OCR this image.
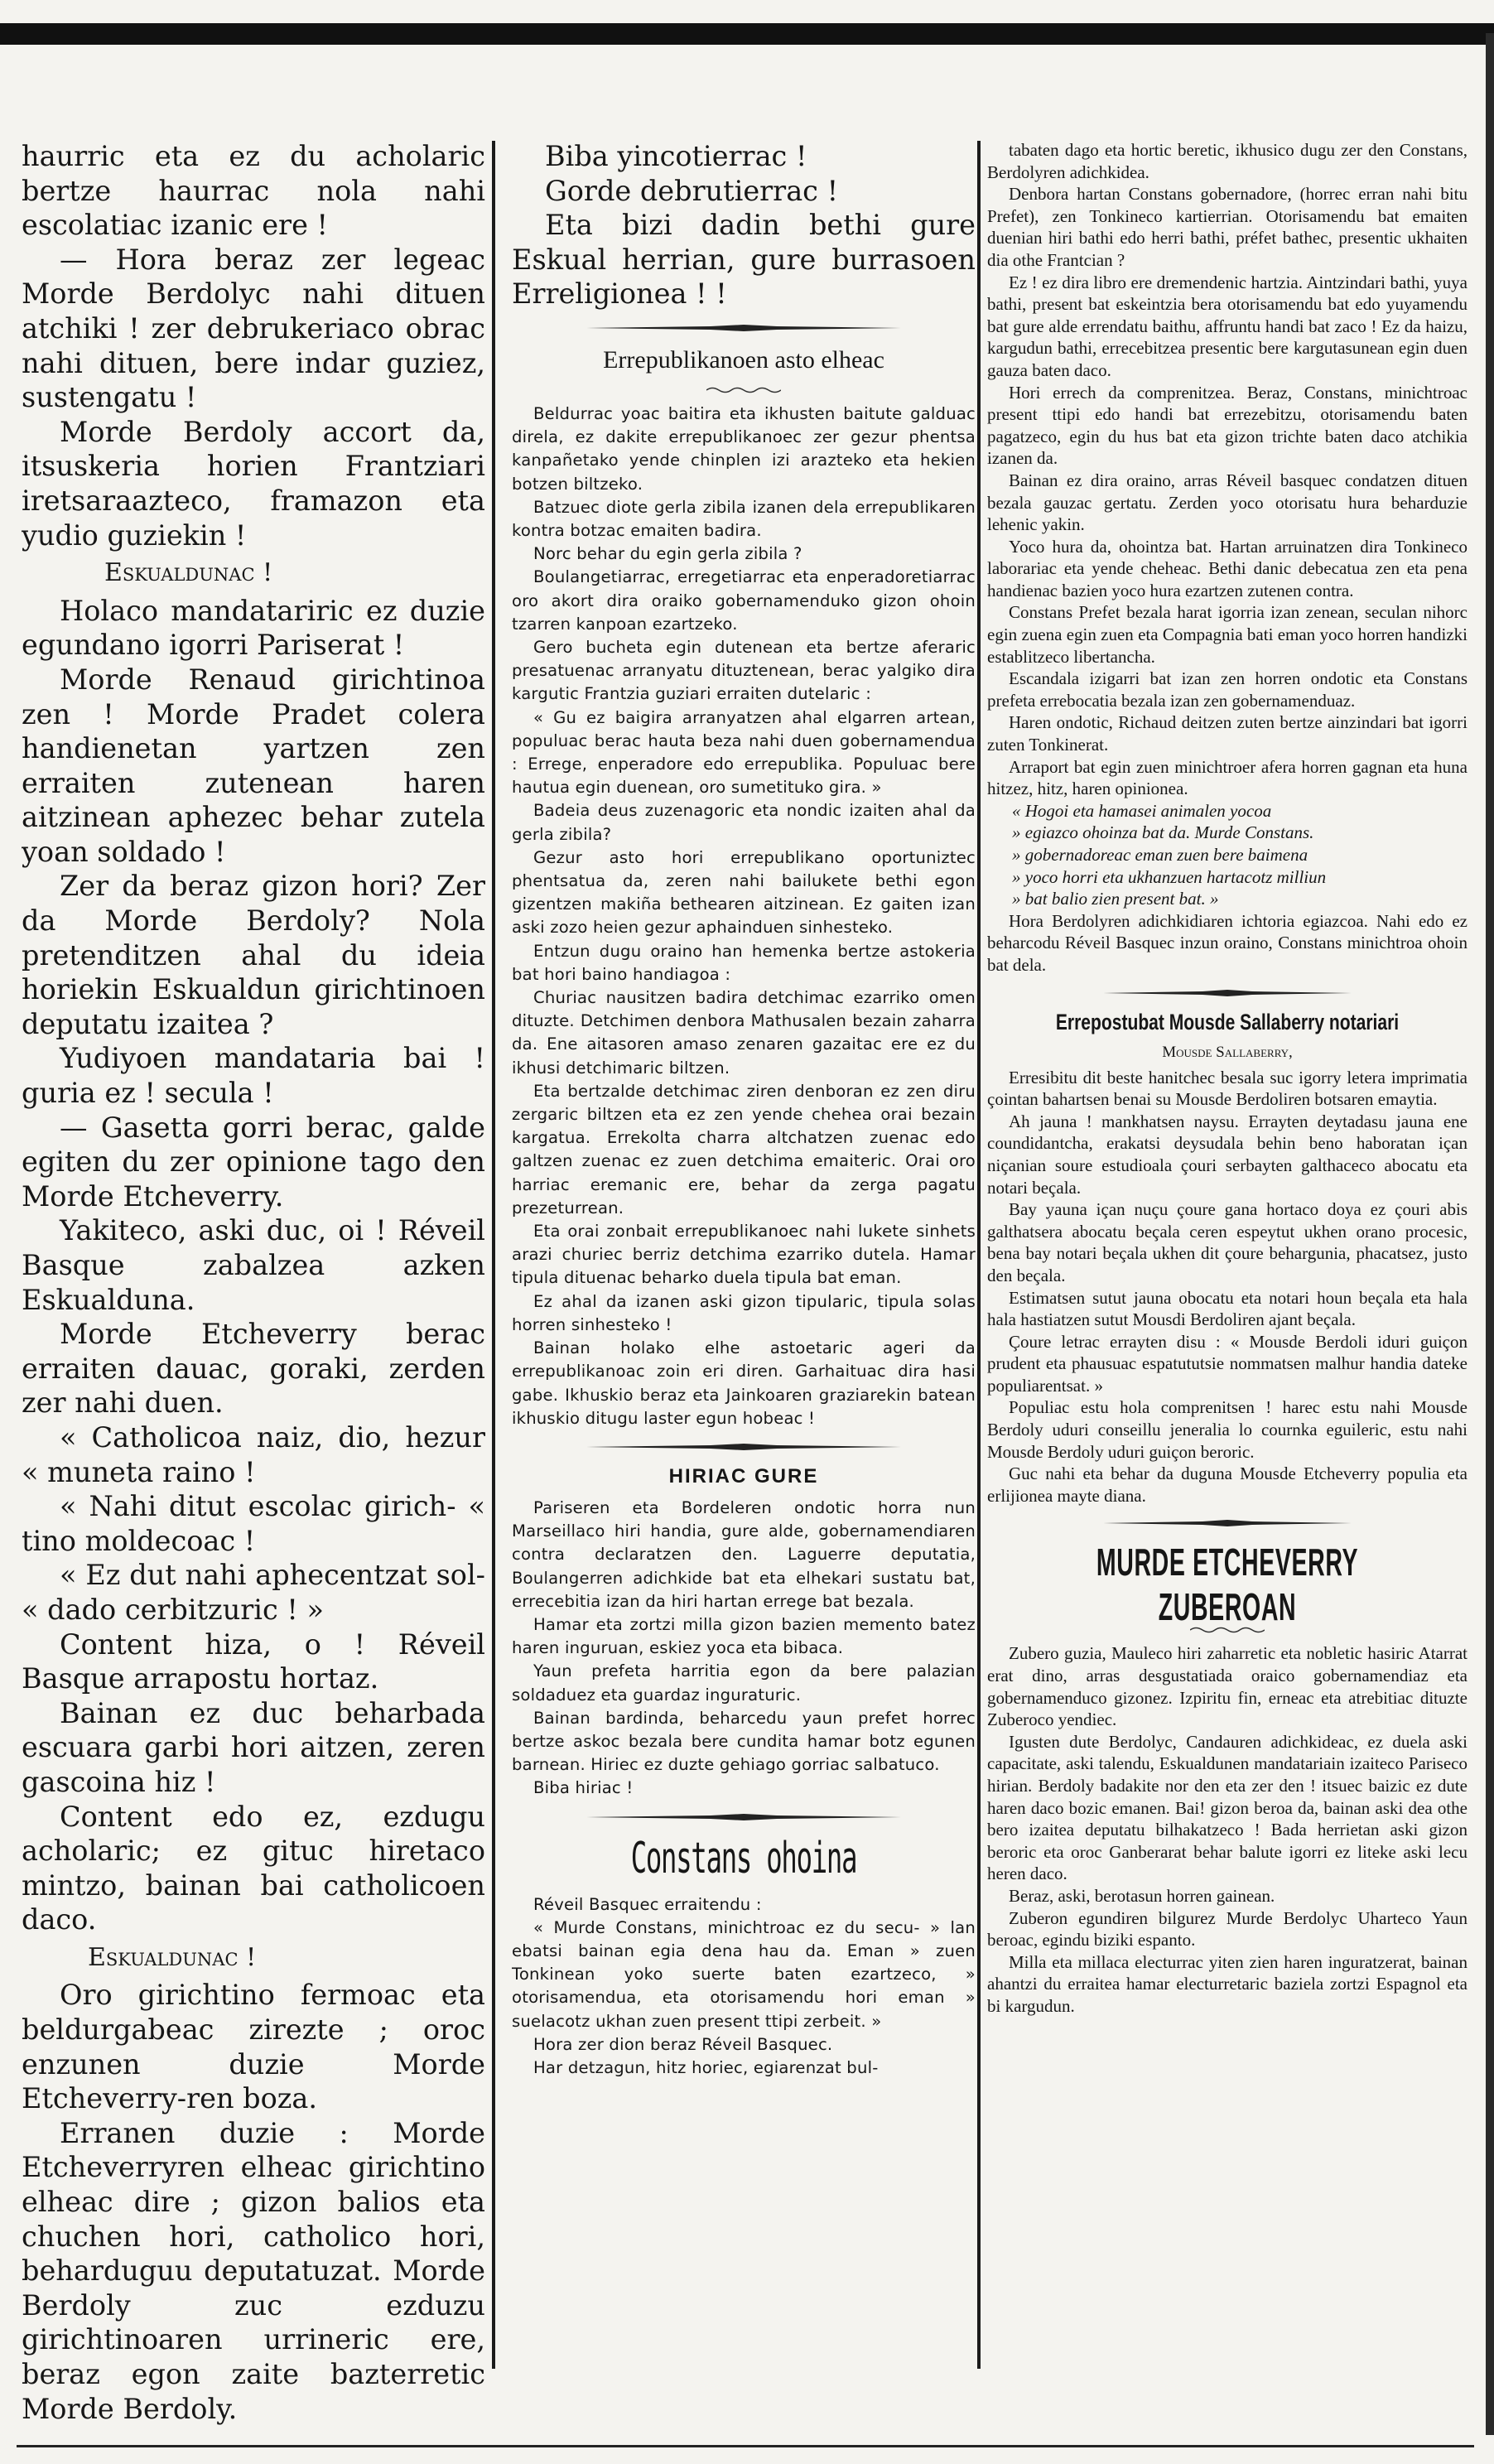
haurric eta ez du acholaric bertze haurrac nola nahi escolatiac izanic ere !

— Hora beraz zer legeac Morde Berdolyc nahi dituen atchiki ! zer debrukeriaco obrac nahi dituen, bere indar guziez, sustengatu !

Morde Berdoly accort da, itsuskeria horien Frantziari iretsaraazteco, framazon eta yudio guziekin !

Eskualdunac !

Holaco mandatariric ez duzie egundano igorri Pariserat !

Morde Renaud girichtinoa zen ! Morde Pradet colera handienetan yartzen zen erraiten zutenean haren aitzinean aphezec behar zutela yoan soldado !

Zer da beraz gizon hori? Zer da Morde Berdoly? Nola pretenditzen ahal du ideia horiekin Eskualdun girichtinoen deputatu izaitea ?

Yudiyoen mandataria bai ! guria ez ! secula !

— Gasetta gorri berac, galde egiten du zer opinione tago den Morde Etcheverry.

Yakiteco, aski duc, oi ! Réveil Basque zabalzea azken Eskualduna.

Morde Etcheverry berac erraiten dauac, goraki, zerden zer nahi duen.

« Catholicoa naiz, dio, hezur « muneta raino !

« Nahi ditut escolac girich- « tino moldecoac !

« Ez dut nahi aphecentzat sol- « dado cerbitzuric ! »

Content hiza, o ! Réveil Basque arrapostu hortaz.

Bainan ez duc beharbada escuara garbi hori aitzen, zeren gascoina hiz !

Content edo ez, ezdugu acholaric; ez gituc hiretaco mintzo, bainan bai catholicoen daco.

Eskualdunac !

Oro girichtino fermoac eta beldurgabeac zirezte ; oroc enzunen duzie Morde Etcheverry-ren boza.

Erranen duzie : Morde Etcheverryren elheac girichtino elheac dire ; gizon balios eta chuchen hori, catholico hori, beharduguu deputatuzat. Morde Berdoly zuc ezduzu girichtinoaren urrineric ere, beraz egon zaite bazterretic Morde Berdoly.

Biba yincotierrac !
Gorde debrutierrac !
Eta bizi dadin bethi gure Eskual herrian, gure burrasoen Erreligionea ! !
Errepublikanoen asto elheac

Beldurrac yoac baitira eta ikhusten baitute galduac direla, ez dakite errepublikanoec zer gezur phentsa kanpañetako yende chinplen izi arazteko eta hekien botzen biltzeko.

Batzuec diote gerla zibila izanen dela errepublikaren kontra botzac emaiten badira.

Norc behar du egin gerla zibila ?

Boulangetiarrac, erregetiarrac eta enperadoretiarrac oro akort dira oraiko gobernamenduko gizon ohoin tzarren kanpoan ezartzeko.

Gero bucheta egin dutenean eta bertze aferaric presatuenac arranyatu dituztenean, berac yalgiko dira kargutic Frantzia guziari erraiten dutelaric :

« Gu ez baigira arranyatzen ahal elgarren artean, populuac berac hauta beza nahi duen gobernamendua : Errege, enperadore edo errepublika. Populuac bere hautua egin duenean, oro sumetituko gira. »

Badeia deus zuzenagoric eta nondic izaiten ahal da gerla zibila?

Gezur asto hori errepublikano oportuniztec phentsatua da, zeren nahi bailukete bethi egon gizentzen makiña bethearen aitzinean. Ez gaiten izan aski zozo heien gezur aphainduen sinhesteko.

Entzun dugu oraino han hemenka bertze astokeria bat hori baino handiagoa :

Churiac nausitzen badira detchimac ezarriko omen dituzte. Detchimen denbora Mathusalen bezain zaharra da. Ene aitasoren amaso zenaren gazaitac ere ez du ikhusi detchimaric biltzen.

Eta bertzalde detchimac ziren denboran ez zen diru zergaric biltzen eta ez zen yende chehea orai bezain kargatua. Errekolta charra altchatzen zuenac edo galtzen zuenac ez zuen detchima emaiteric. Orai oro harriac eremanic ere, behar da zerga pagatu prezeturrean.

Eta orai zonbait errepublikanoec nahi lukete sinhets arazi churiec berriz detchima ezarriko dutela. Hamar tipula dituenac beharko duela tipula bat eman.

Ez ahal da izanen aski gizon tipularic, tipula solas horren sinhesteko !

Bainan holako elhe astoetaric ageri da errepublikanoac zoin eri diren. Garhaituac dira hasi gabe. Ikhuskio beraz eta Jainkoaren graziarekin batean ikhuskio ditugu laster egun hobeac !

HIRIAC GURE

Pariseren eta Bordeleren ondotic horra nun Marseillaco hiri handia, gure alde, gobernamendiaren contra declaratzen den. Laguerre deputatia, Boulangerren adichkide bat eta elhekari sustatu bat, errecebitia izan da hiri hartan errege bat bezala.

Hamar eta zortzi milla gizon bazien memento batez haren inguruan, eskiez yoca eta bibaca.

Yaun prefeta harritia egon da bere palazian soldaduez eta guardaz inguraturic.

Bainan bardinda, beharcedu yaun prefet horrec bertze askoc bezala bere cundita hamar botz egunen barnean. Hiriec ez duzte gehiago gorriac salbatuco.

Biba hiriac !

Constans ohoina

Réveil Basquec erraitendu :

« Murde Constans, minichtroac ez du secu- » lan ebatsi bainan egia dena hau da. Eman » zuen Tonkinean yoko suerte baten ezartzeco, » otorisamendua, eta otorisamendu hori eman » suelacotz ukhan zuen present ttipi zerbeit. »

Hora zer dion beraz Réveil Basquec.

Har detzagun, hitz horiec, egiarenzat bul-

tabaten dago eta hortic beretic, ikhusico dugu zer den Constans, Berdolyren adichkidea.

Denbora hartan Constans gobernadore, (horrec erran nahi bitu Prefet), zen Tonkineco kartierrian. Otorisamendu bat emaiten duenian hiri bathi edo herri bathi, préfet bathec, presentic ukhaiten dia othe Frantcian ?

Ez ! ez dira libro ere dremendenic hartzia. Aintzindari bathi, yuya bathi, present bat eskeintzia bera otorisamendu bat edo yuyamendu bat gure alde errendatu baithu, affruntu handi bat zaco ! Ez da haizu, kargudun bathi, errecebitzea presentic bere kargutasunean egin duen gauza baten daco.

Hori errech da comprenitzea. Beraz, Constans, minichtroac present ttipi edo handi bat errezebitzu, otorisamendu baten pagatzeco, egin du hus bat eta gizon trichte baten daco atchikia izanen da.

Bainan ez dira oraino, arras Réveil basquec condatzen dituen bezala gauzac gertatu. Zerden yoco otorisatu hura beharduzie lehenic yakin.

Yoco hura da, ohointza bat. Hartan arruinatzen dira Tonkineco laborariac eta yende cheheac. Bethi danic debecatua zen eta pena handienac bazien yoco hura ezartzen zutenen contra.

Constans Prefet bezala harat igorria izan zenean, seculan nihorc egin zuena egin zuen eta Compagnia bati eman yoco horren handizki establitzeco libertancha.

Escandala izigarri bat izan zen horren ondotic eta Constans prefeta errebocatia bezala izan zen gobernamenduaz.

Haren ondotic, Richaud deitzen zuten bertze ainzindari bat igorri zuten Tonkinerat.

Arraport bat egin zuen minichtroer afera horren gagnan eta huna hitzez, hitz, haren opinionea.

« Hogoi eta hamasei animalen yocoa

» egiazco ohoinza bat da. Murde Constans.

» gobernadoreac eman zuen bere baimena

» yoco horri eta ukhanzuen hartacotz milliun

» bat balio zien present bat. »

Hora Berdolyren adichkidiaren ichtoria egiazcoa. Nahi edo ez beharcodu Réveil Basquec inzun oraino, Constans minichtroa ohoin bat dela.

Errepostubat Mousde Sallaberry notariari
Mousde Sallaberry,

Erresibitu dit beste hanitchec besala suc igorry letera imprimatia çointan bahartsen benai su Mousde Berdoliren botsaren emaytia.

Ah jauna ! mankhatsen naysu. Errayten deytadasu jauna ene coundidantcha, erakatsi deysudala behin beno haboratan içan niçanian soure estudioala çouri serbayten galthaceco abocatu eta notari beçala.

Bay yauna içan nuçu çoure gana hortaco doya ez çouri abis galthatsera abocatu beçala ceren espeytut ukhen orano procesic, bena bay notari beçala ukhen dit çoure behargunia, phacatsez, justo den beçala.

Estimatsen sutut jauna obocatu eta notari houn beçala eta hala hala hastiatzen sutut Mousdi Berdoliren ajant beçala.

Çoure letrac errayten disu : « Mousde Berdoli iduri guiçon prudent eta phausuac espatututsie nommatsen malhur handia dateke populiarentsat. »

Populiac estu hola comprenitsen ! harec estu nahi Mousde Berdoly uduri conseillu jeneralia lo cournka eguileric, estu nahi Mousde Berdoly uduri guiçon beroric.

Guc nahi eta behar da duguna Mousde Etcheverry populia eta erlijionea mayte diana.

MURDE ETCHEVERRY ZUBEROAN

Zubero guzia, Mauleco hiri zaharretic eta nobletic hasiric Atarrat erat dino, arras desgustatiada oraico gobernamendiaz eta gobernamenduco gizonez. Izpiritu fin, erneac eta atrebitiac dituzte Zuberoco yendiec.

Igusten dute Berdolyc, Candauren adichkideac, ez duela aski capacitate, aski talendu, Eskualdunen mandatariain izaiteco Pariseco hirian. Berdoly badakite nor den eta zer den ! itsuec baizic ez dute haren daco bozic emanen. Bai! gizon beroa da, bainan aski dea othe bero izaitea deputatu bilhakatzeco ! Bada herrietan aski gizon beroric eta oroc Ganberarat behar balute igorri ez liteke aski lecu heren daco.

Beraz, aski, berotasun horren gainean.

Zuberon egundiren bilgurez Murde Berdolyc Uharteco Yaun beroac, egindu biziki espanto.

Milla eta millaca electurrac yiten zien haren inguratzerat, bainan ahantzi du erraitea hamar electurretaric baziela zortzi Espagnol eta bi kargudun.
